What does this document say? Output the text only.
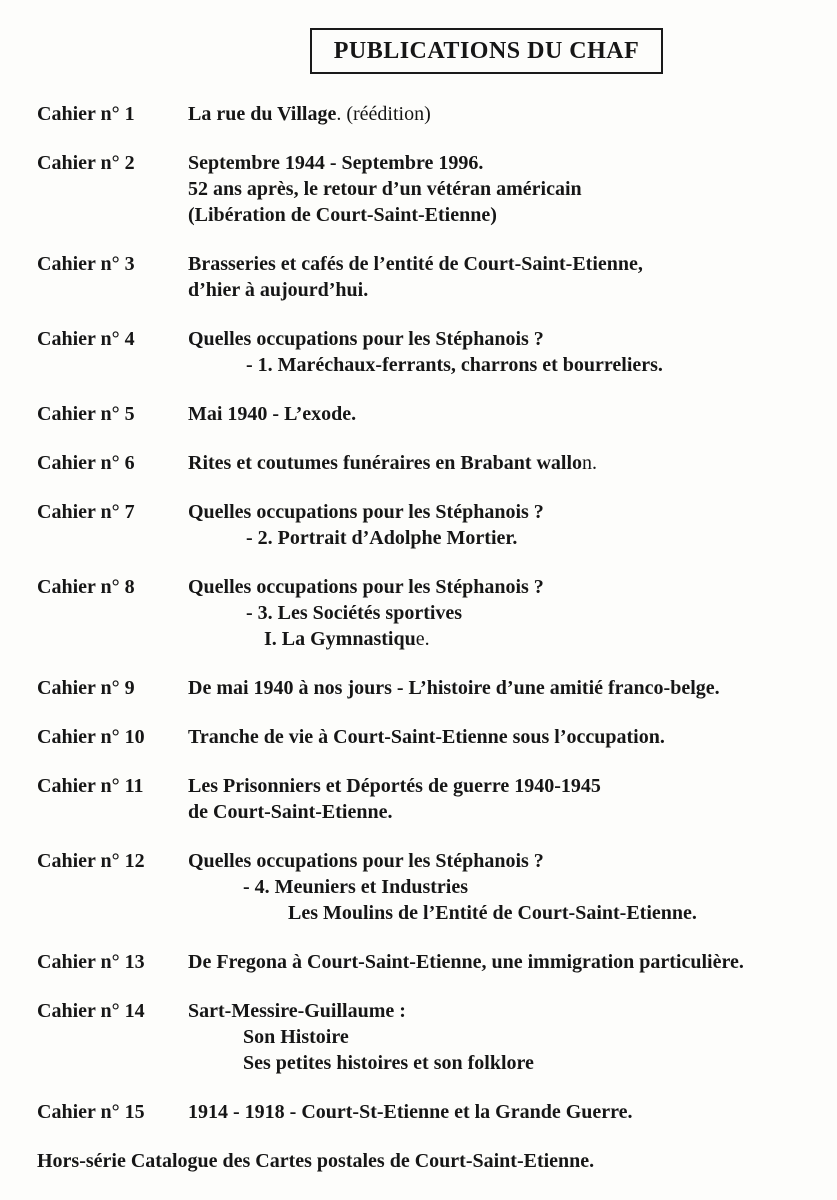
PUBLICATIONS DU CHAF
Cahier n° 1	La rue du Village. (réédition)
Cahier n° 2	Septembre 1944 - Septembre 1996.
52 ans après, le retour d’un vétéran américain
(Libération de Court-Saint-Etienne)
Cahier n° 3	Brasseries et cafés de l’entité de Court-Saint-Etienne,
d’hier à aujourd’hui.
Cahier n° 4	Quelles occupations pour les Stéphanois ?
- 1. Maréchaux-ferrants, charrons et bourreliers.
Cahier n° 5	Mai 1940 - L’exode.
Cahier n° 6	Rites et coutumes funéraires en Brabant wallon.
Cahier n° 7	Quelles occupations pour les Stéphanois ?
- 2. Portrait d’Adolphe Mortier.
Cahier n° 8	Quelles occupations pour les Stéphanois ?
- 3. Les Sociétés sportives
I. La Gymnastique.
Cahier n° 9	De mai 1940 à nos jours - L’histoire d’une amitié franco-belge.
Cahier n° 10	Tranche de vie à Court-Saint-Etienne sous l’occupation.
Cahier n° 11	Les Prisonniers et Déportés de guerre 1940-1945
de Court-Saint-Etienne.
Cahier n° 12	Quelles occupations pour les Stéphanois ?
- 4. Meuniers et Industries
Les Moulins de l’Entité de Court-Saint-Etienne.
Cahier n° 13	De Fregona à Court-Saint-Etienne, une immigration particulière.
Cahier n° 14	Sart-Messire-Guillaume :
Son Histoire
Ses petites histoires et son folklore
Cahier n° 15	1914 - 1918 - Court-St-Etienne et la Grande Guerre.
Hors-série Catalogue des Cartes postales de Court-Saint-Etienne.
